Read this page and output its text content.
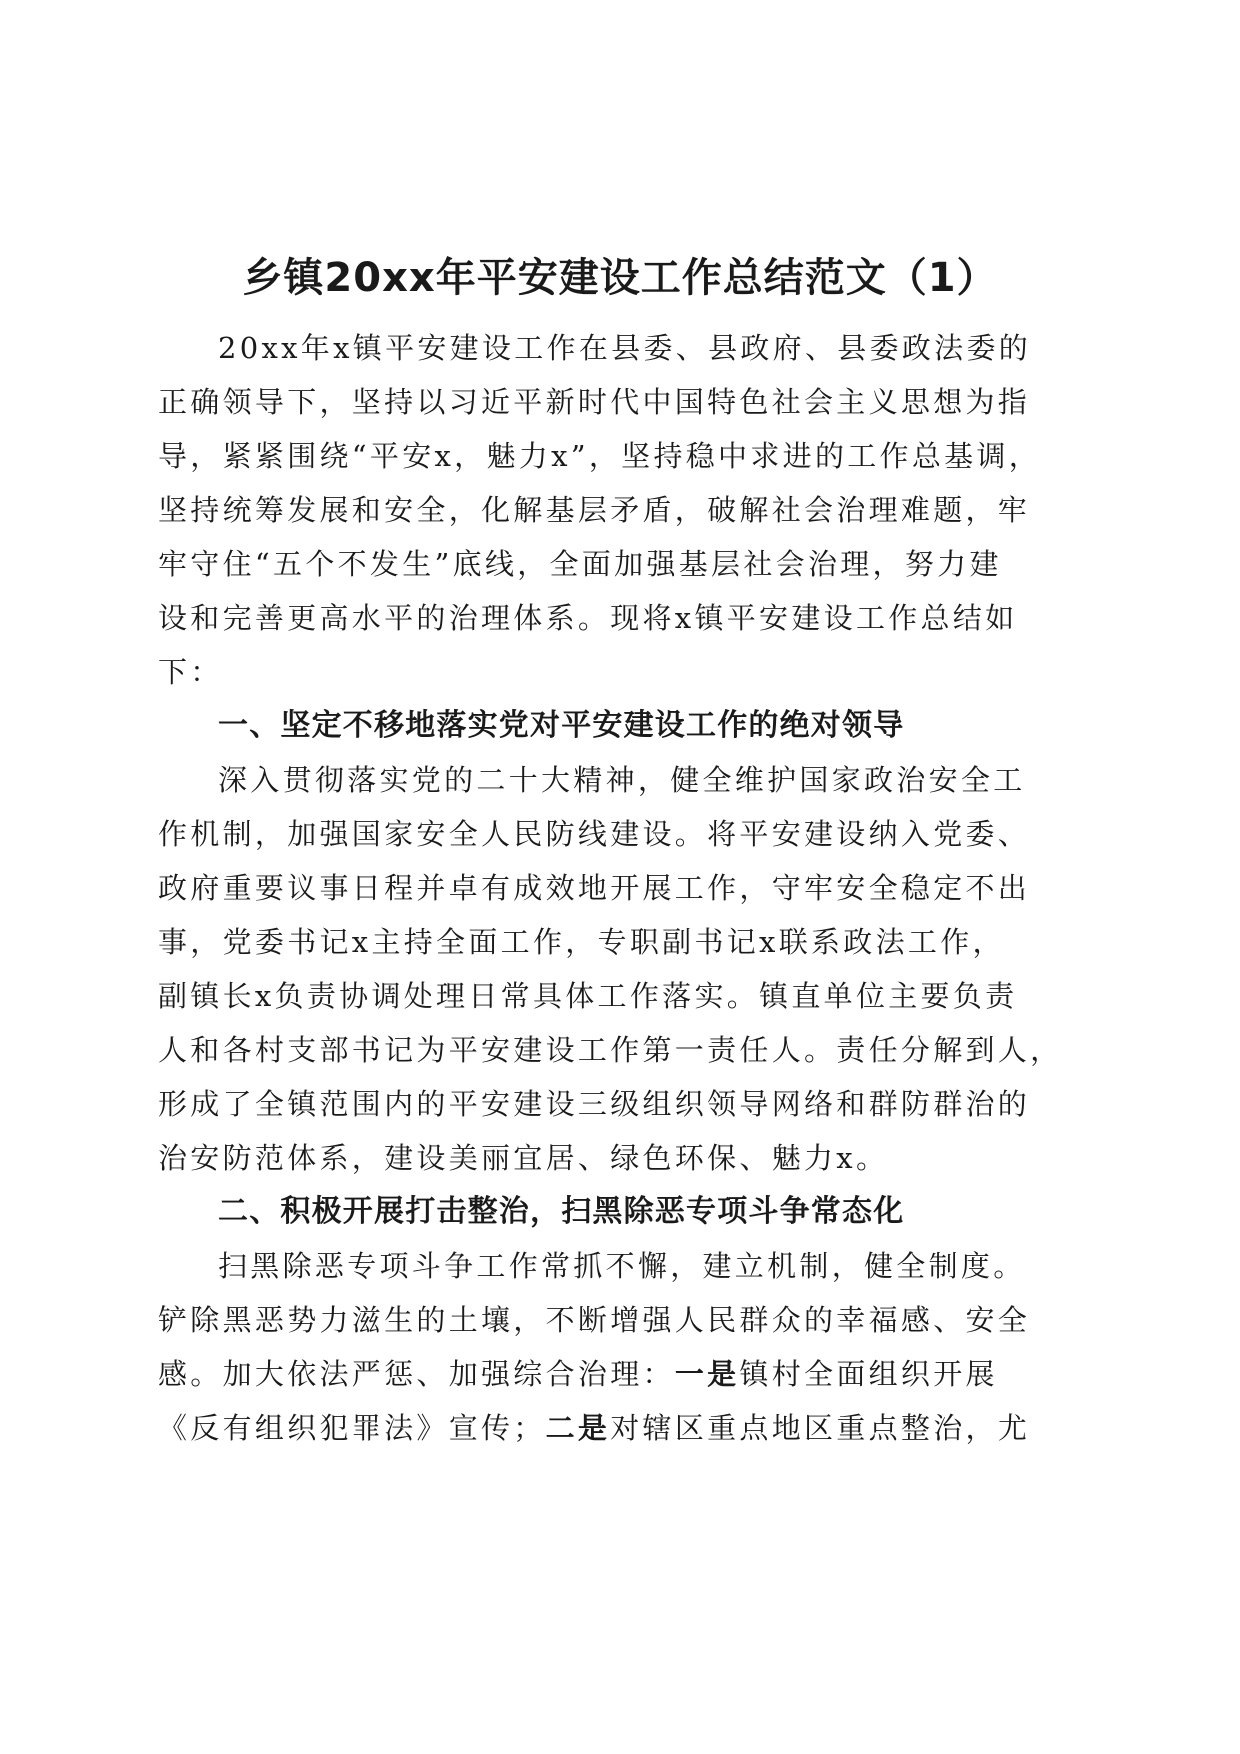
乡镇20xx年平安建设工作总结范文（1）

20xx年x镇平安建设工作在县委、县政府、县委政法委的

正确领导下，坚持以习近平新时代中国特色社会主义思想为指

导，紧紧围绕“平安x，魅力x”，坚持稳中求进的工作总基调，

坚持统筹发展和安全，化解基层矛盾，破解社会治理难题，牢

牢守住“五个不发生”底线，全面加强基层社会治理，努力建

设和完善更高水平的治理体系。现将x镇平安建设工作总结如

下：

一、坚定不移地落实党对平安建设工作的绝对领导

深入贯彻落实党的二十大精神，健全维护国家政治安全工

作机制，加强国家安全人民防线建设。将平安建设纳入党委、

政府重要议事日程并卓有成效地开展工作，守牢安全稳定不出

事，党委书记x主持全面工作，专职副书记x联系政法工作，

副镇长x负责协调处理日常具体工作落实。镇直单位主要负责

人和各村支部书记为平安建设工作第一责任人。责任分解到人，

形成了全镇范围内的平安建设三级组织领导网络和群防群治的

治安防范体系，建设美丽宜居、绿色环保、魅力x。

二、积极开展打击整治，扫黑除恶专项斗争常态化

扫黑除恶专项斗争工作常抓不懈，建立机制，健全制度。

铲除黑恶势力滋生的土壤，不断增强人民群众的幸福感、安全

感。加大依法严惩、加强综合治理：一是镇村全面组织开展

《反有组织犯罪法》宣传；二是对辖区重点地区重点整治，尤
